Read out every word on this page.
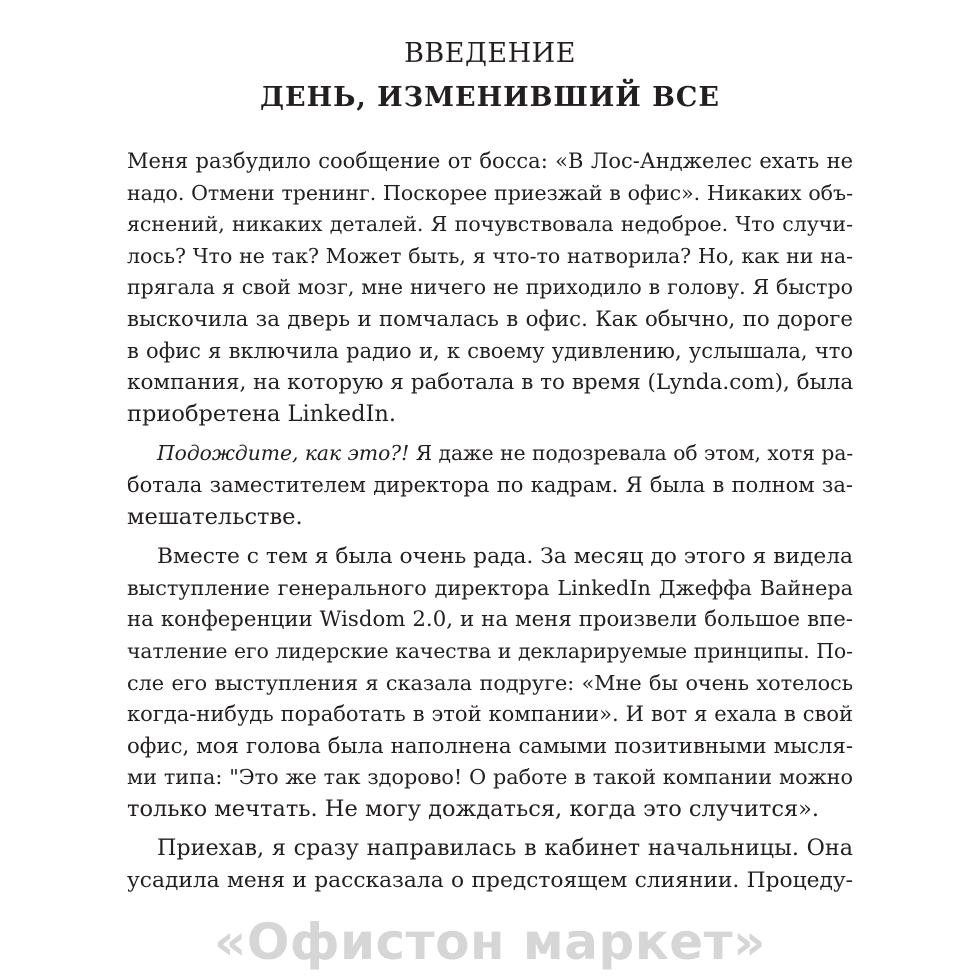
ВВЕДЕНИЕ
ДЕНЬ, ИЗМЕНИВШИЙ ВСЕ
Меня разбудило сообщение от босса: «В Лос-Анджелес ехать не
надо. Отмени тренинг. Поскорее приезжай в офис». Никаких объ-
яснений, никаких деталей. Я почувствовала недоброе. Что случи-
лось? Что не так? Может быть, я что-то натворила? Но, как ни на-
прягала я свой мозг, мне ничего не приходило в голову. Я быстро
выскочила за дверь и помчалась в офис. Как обычно, по дороге
в офис я включила радио и, к своему удивлению, услышала, что
компания, на которую я работала в то время (Lynda.com), была
приобретена LinkedIn.
Подождите, как это?! Я даже не подозревала об этом, хотя ра-
ботала заместителем директора по кадрам. Я была в полном за-
мешательстве.
Вместе с тем я была очень рада. За месяц до этого я видела
выступление генерального директора LinkedIn Джеффа Вайнера
на конференции Wisdom 2.0, и на меня произвели большое впе-
чатление его лидерские качества и декларируемые принципы. По-
сле его выступления я сказала подруге: «Мне бы очень хотелось
когда-нибудь поработать в этой компании». И вот я ехала в свой
офис, моя голова была наполнена самыми позитивными мысля-
ми типа: "Это же так здорово! О работе в такой компании можно
только мечтать. Не могу дождаться, когда это случится».
Приехав, я сразу направилась в кабинет начальницы. Она
усадила меня и рассказала о предстоящем слиянии. Процеду-
«Офистон маркет»
